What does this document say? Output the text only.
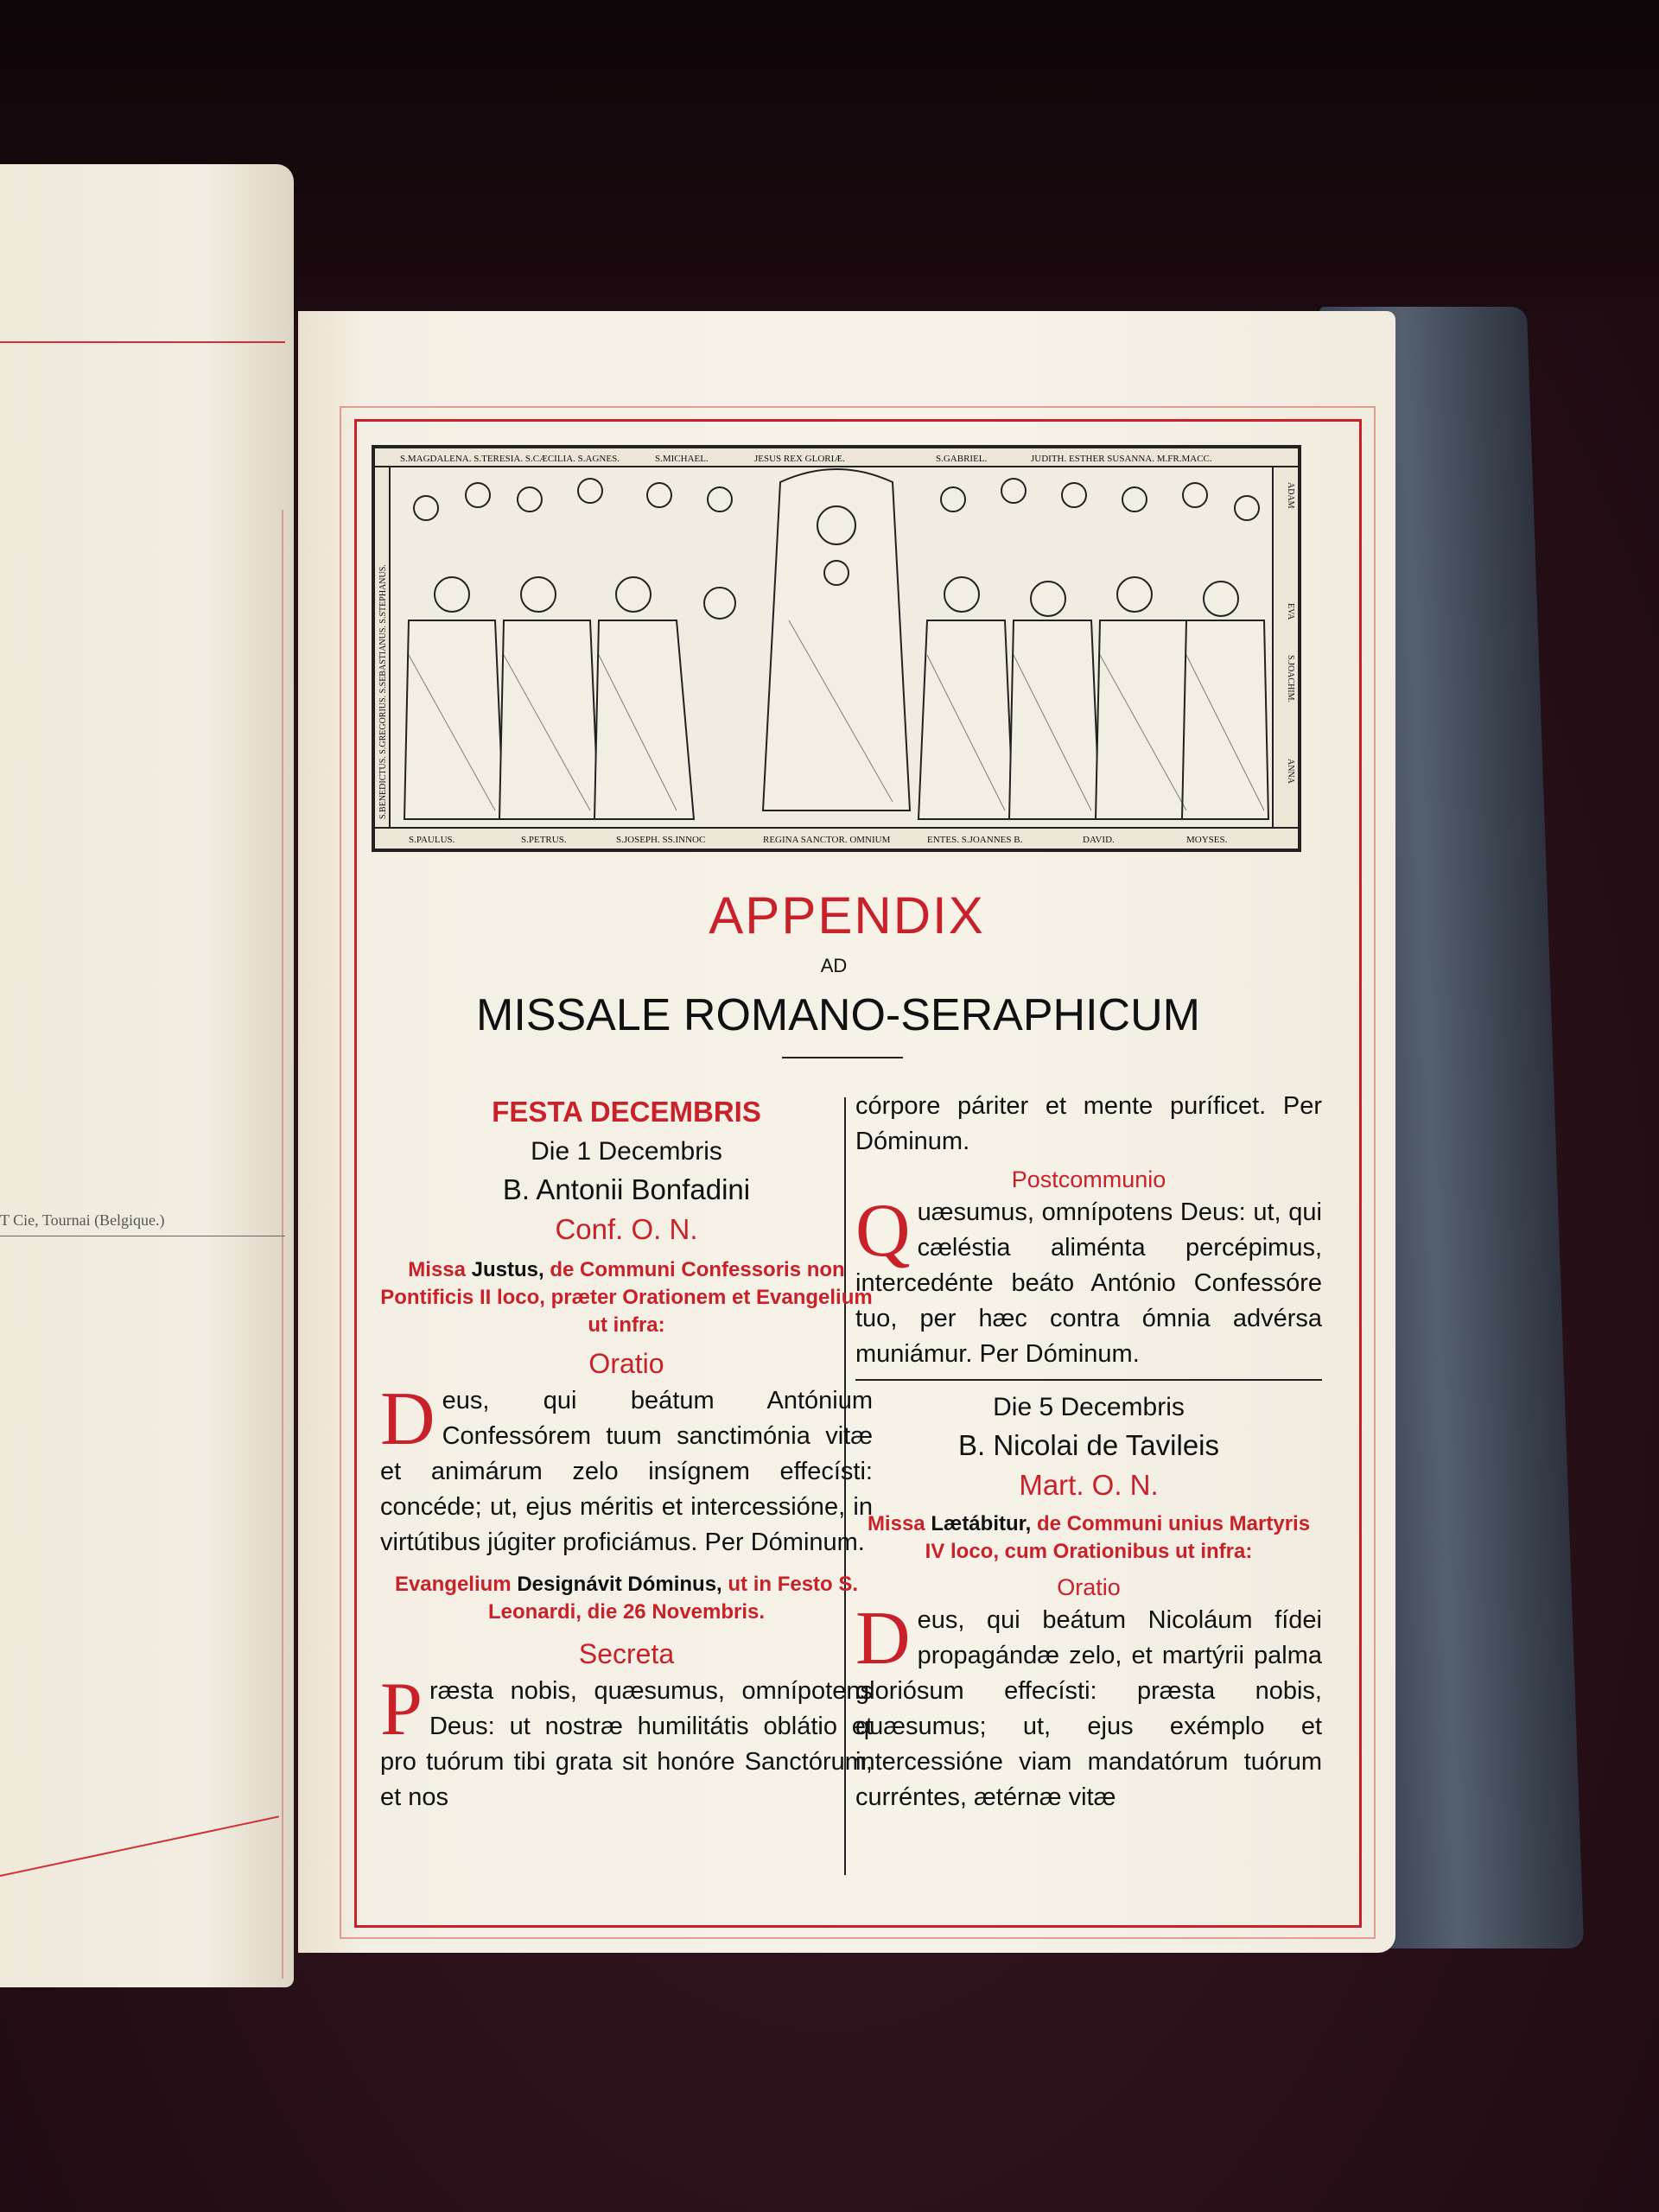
T Cie, Tournai (Belgique.)
S.MAGDALENA. S.TERESIA. S.CÆCILIA. S.AGNES.	S.MICHAEL.	JESUS REX GLORIÆ.	S.GABRIEL.	JUDITH. ESTHER SUSANNA. M.FR.MACC.
S.BENEDICTUS. S.GREGORIUS. S.SEBASTIANUS. S.STEPHANUS.
ADAM
EVA
S.JOACHIM.
ANNA
S.PAULUS.	S.PETRUS.	S.JOSEPH. SS.INNOC	REGINA SANCTOR. OMNIUM	ENTES. S.JOANNES B.	DAVID.	MOYSES.
APPENDIX
AD
MISSALE ROMANO-SERAPHICUM
FESTA DECEMBRIS
Die 1 Decembris
B. Antonii Bonfadini
Conf. O. N.
Missa Justus, de Communi Confessoris non Pontificis II loco, præter Orationem et Evangelium ut infra:
Oratio
D eus, qui beátum Antónium Confessórem tuum sanctimónia vitæ et animárum zelo insígnem effecísti: concéde; ut, ejus méritis et intercessióne, in virtútibus júgiter proficiámus. Per Dóminum.
Evangelium Designávit Dóminus, ut in Festo S. Leonardi, die 26 Novembris.
Secreta
P ræsta nobis, quæsumus, omnípotens Deus: ut nostræ humilitátis oblátio et pro tuórum tibi grata sit honóre Sanctórum, et nos
córpore páriter et mente puríficet. Per Dóminum.
Postcommunio
Q uæsumus, omnípotens Deus: ut, qui cæléstia aliménta percépimus, intercedénte beáto António Confessóre tuo, per hæc contra ómnia advérsa muniámur. Per Dóminum.
Die 5 Decembris
B. Nicolai de Tavileis
Mart. O. N.
Missa Lætábitur, de Communi unius Martyris IV loco, cum Orationibus ut infra:
Oratio
D eus, qui beátum Nicoláum fídei propagándæ zelo, et martýrii palma gloriósum effecísti: præsta nobis, quæsumus; ut, ejus exémplo et intercessióne viam mandatórum tuórum curréntes, ætérnæ vitæ
